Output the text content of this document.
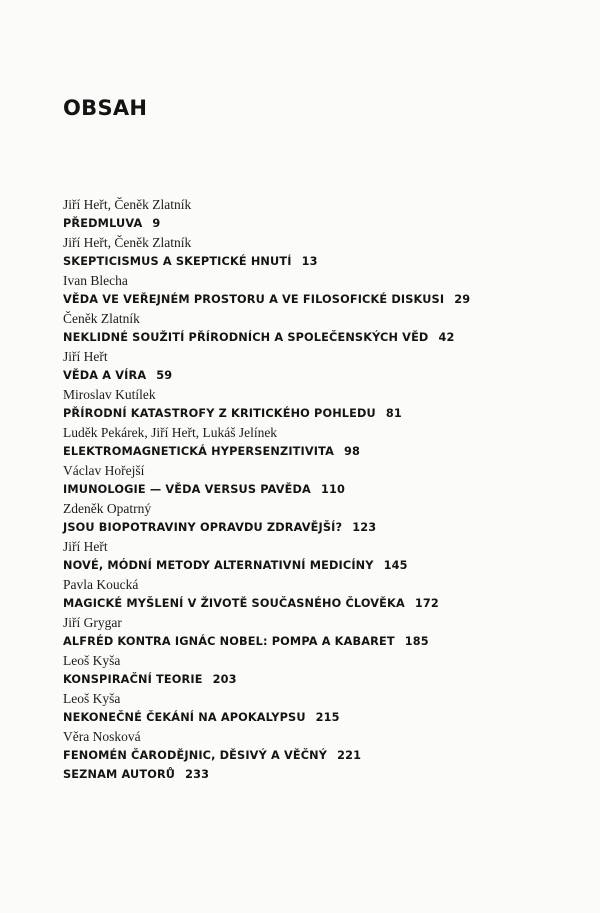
OBSAH
Jiří Heřt, Čeněk Zlatník
PŘEDMLUVA 9
Jiří Heřt, Čeněk Zlatník
SKEPTICISMUS A SKEPTICKÉ HNUTÍ 13
Ivan Blecha
VĚDA VE VEŘEJNÉM PROSTORU A VE FILOSOFICKÉ DISKUSI 29
Čeněk Zlatník
NEKLIDNÉ SOUŽITÍ PŘÍRODNÍCH A SPOLEČENSKÝCH VĚD 42
Jiří Heřt
VĚDA A VÍRA 59
Miroslav Kutílek
PŘÍRODNÍ KATASTROFY Z KRITICKÉHO POHLEDU 81
Luděk Pekárek, Jiří Heřt, Lukáš Jelínek
ELEKTROMAGNETICKÁ HYPERSENZITIVITA 98
Václav Hořejší
IMUNOLOGIE — VĚDA VERSUS PAVĚDA 110
Zdeněk Opatrný
JSOU BIOPOTRAVINY OPRAVDU ZDRAVĚJŠÍ? 123
Jiří Heřt
NOVÉ, MÓDNÍ METODY ALTERNATIVNÍ MEDICÍNY 145
Pavla Koucká
MAGICKÉ MYŠLENÍ V ŽIVOTĚ SOUČASNÉHO ČLOVĚKA 172
Jiří Grygar
ALFRÉD KONTRA IGNÁC NOBEL: POMPA A KABARET 185
Leoš Kyša
KONSPIRAČNÍ TEORIE 203
Leoš Kyša
NEKONEČNÉ ČEKÁNÍ NA APOKALYPSU 215
Věra Nosková
FENOMÉN ČARODĚJNIC, DĚSIVÝ A VĚČNÝ 221
SEZNAM AUTORŮ 233
